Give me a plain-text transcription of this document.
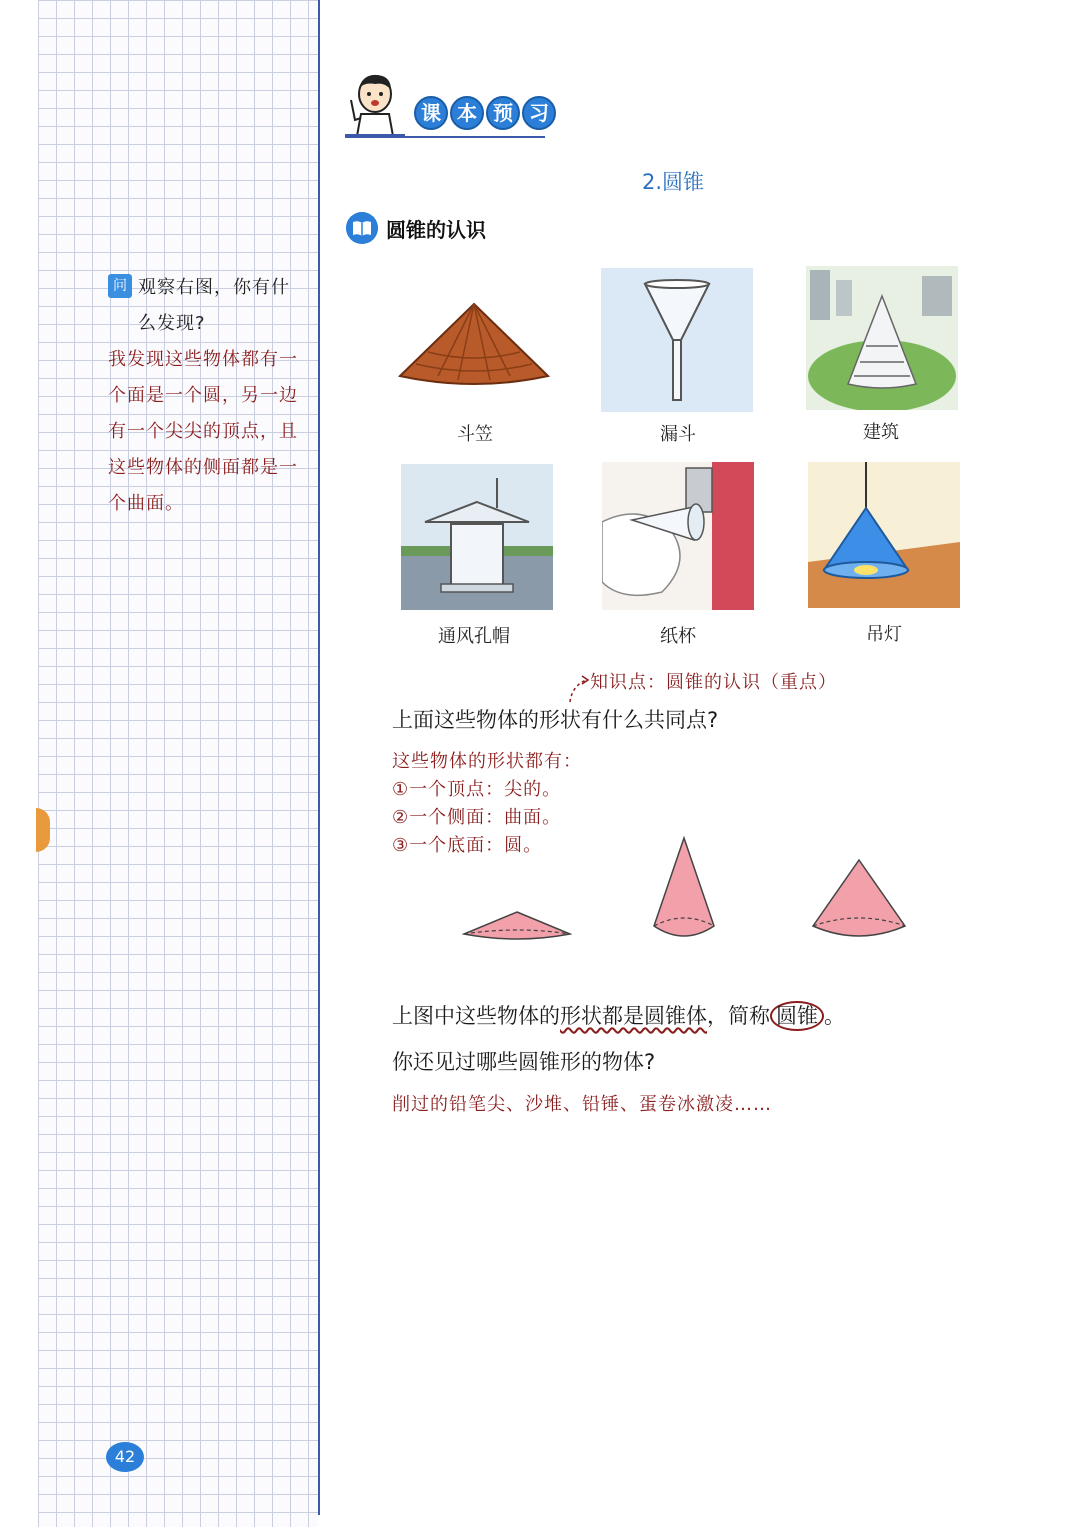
问 观察右图，你有什么发现?
我发现这些物体都有一个面是一个圆，另一边有一个尖尖的顶点，且这些物体的侧面都是一个曲面。
课 本 预 习
2.圆锥
圆锥的认识
斗笠	漏斗	建筑
通风孔帽	纸杯	吊灯
知识点：圆锥的认识（重点）
上面这些物体的形状有什么共同点?
这些物体的形状都有：
①一个顶点：尖的。
②一个侧面：曲面。
③一个底面：圆。
上图中这些物体的形状都是圆锥体，简称 圆锥 。
你还见过哪些圆锥形的物体?
削过的铅笔尖、沙堆、铅锤、蛋卷冰激凌……
42
